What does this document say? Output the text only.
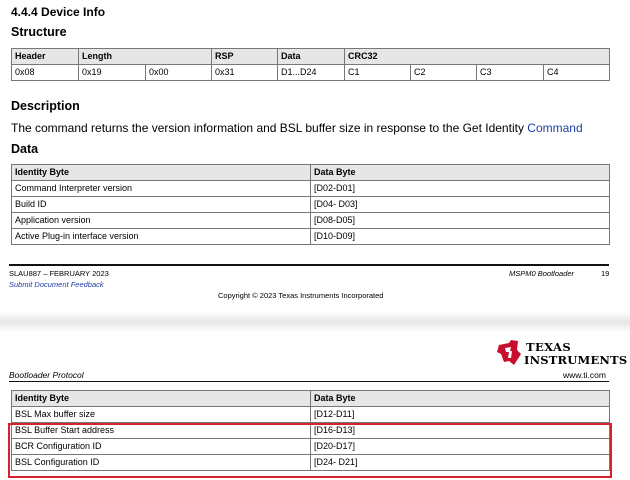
4.4.4 Device Info
Structure
Header	Length		RSP	Data	CRC32			
0x08	0x19	0x00	0x31	D1...D24	C1	C2	C3	C4
Description
The command returns the version information and BSL buffer size in response to the Get Identity Command
Data
Identity Byte	Data Byte
Command Interpreter version	[D02-D01]
Build ID	[D04- D03]
Application version	[D08-D05]
Active Plug-in interface version	[D10-D09]
SLAU887 – FEBRUARY 2023
Submit Document Feedback
MSPM0 Bootloader	19
Copyright © 2023 Texas Instruments Incorporated
TEXAS
INSTRUMENTS
Bootloader Protocol	www.ti.com
Identity Byte	Data Byte
BSL Max buffer size	[D12-D11]
BSL Buffer Start address	[D16-D13]
BCR Configuration ID	[D20-D17]
BSL Configuration ID	[D24- D21]
